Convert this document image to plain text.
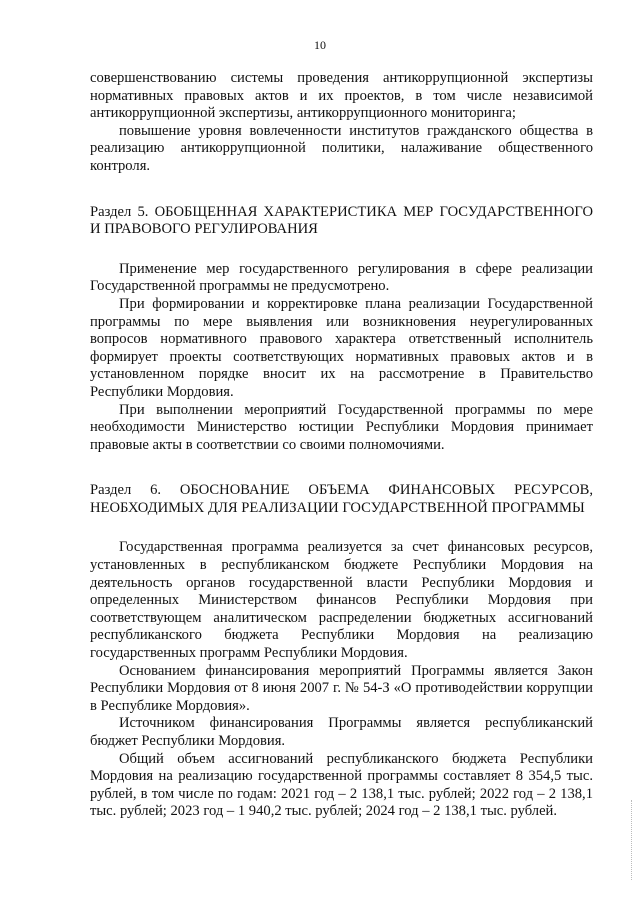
10

совершенствованию системы проведения антикоррупционной экспертизы нормативных правовых актов и их проектов, в том числе независимой антикоррупционной экспертизы, антикоррупционного мониторинга;

повышение уровня вовлеченности институтов гражданского общества в реализацию антикоррупционной политики, налаживание общественного контроля.

Раздел 5. ОБОБЩЕННАЯ ХАРАКТЕРИСТИКА МЕР ГОСУДАРСТВЕННОГО И ПРАВОВОГО РЕГУЛИРОВАНИЯ

Применение мер государственного регулирования в сфере реализации Государственной программы не предусмотрено.

При формировании и корректировке плана реализации Государственной программы по мере выявления или возникновения неурегулированных вопросов нормативного правового характера ответственный исполнитель формирует проекты соответствующих нормативных правовых актов и в установленном порядке вносит их на рассмотрение в Правительство Республики Мордовия.

При выполнении мероприятий Государственной программы по мере необходимости Министерство юстиции Республики Мордовия принимает правовые акты в соответствии со своими полномочиями.

Раздел 6. ОБОСНОВАНИЕ ОБЪЕМА ФИНАНСОВЫХ РЕСУРСОВ, НЕОБХОДИМЫХ ДЛЯ РЕАЛИЗАЦИИ ГОСУДАРСТВЕННОЙ ПРОГРАММЫ

Государственная программа реализуется за счет финансовых ресурсов, установленных в республиканском бюджете Республики Мордовия на деятельность органов государственной власти Республики Мордовия и определенных Министерством финансов Республики Мордовия при соответствующем аналитическом распределении бюджетных ассигнований республиканского бюджета Республики Мордовия на реализацию государственных программ Республики Мордовия.

Основанием финансирования мероприятий Программы является Закон Республики Мордовия от 8 июня 2007 г. № 54-З «О противодействии коррупции в Республике Мордовия».

Источником финансирования Программы является республиканский бюджет Республики Мордовия.

Общий объем ассигнований республиканского бюджета Республики Мордовия на реализацию государственной программы составляет 8 354,5 тыс. рублей, в том числе по годам: 2021 год – 2 138,1 тыс. рублей; 2022 год – 2 138,1 тыс. рублей; 2023 год – 1 940,2 тыс. рублей; 2024 год – 2 138,1 тыс. рублей.
